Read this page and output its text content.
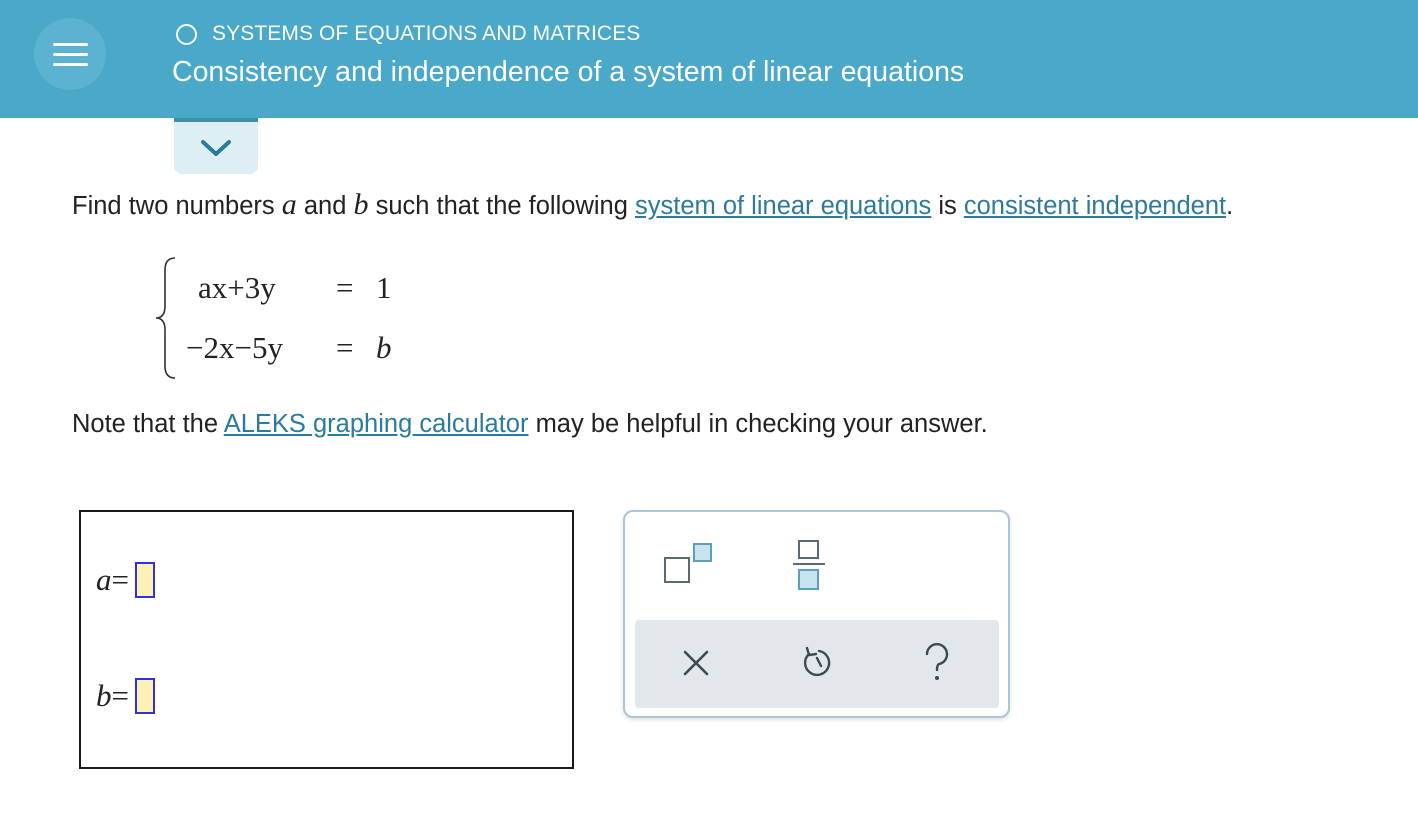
SYSTEMS OF EQUATIONS AND MATRICES
Consistency and independence of a system of linear equations
Find two numbers a and b such that the following system of linear equations is consistent independent.
ax+3y = 1
−2x−5y = b
Note that the ALEKS graphing calculator may be helpful in checking your answer.
a=
b=
